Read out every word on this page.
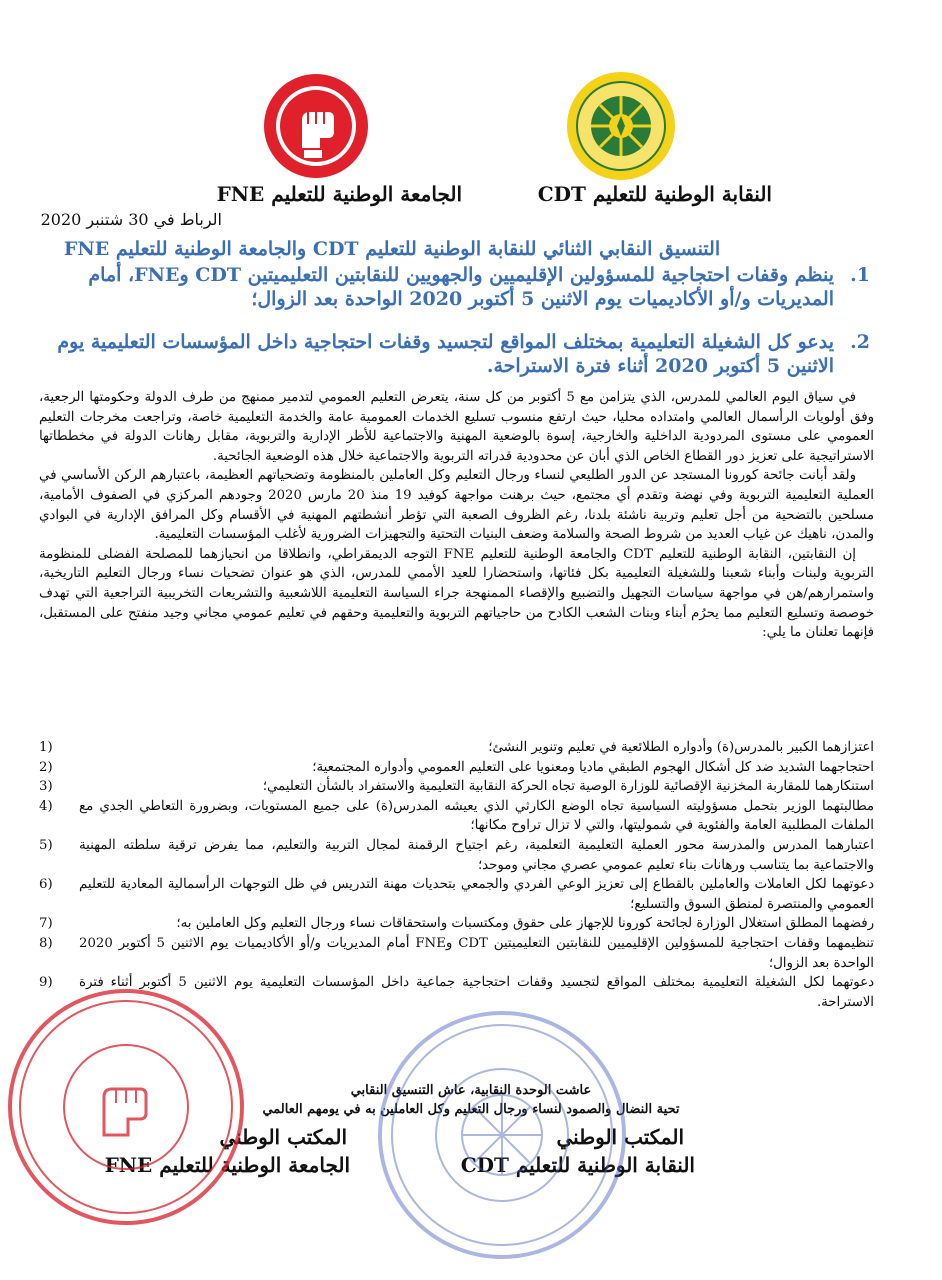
النقابة الوطنية للتعليم CDT
الجامعة الوطنية للتعليم FNE
الرباط في 30 شتنبر 2020
التنسيق النقابي الثنائي للنقابة الوطنية للتعليم CDT والجامعة الوطنية للتعليم FNE
1.
ينظم وقفات احتجاجية للمسؤولين الإقليميين والجهويين للنقابتين التعليميتين CDT وFNE، أمام المديريات و/أو الأكاديميات يوم الاثنين 5 أكتوبر 2020 الواحدة بعد الزوال؛
2.
يدعو كل الشغيلة التعليمية بمختلف المواقع لتجسيد وقفات احتجاجية داخل المؤسسات التعليمية يوم الاثنين 5 أكتوبر 2020 أثناء فترة الاستراحة.

في سياق اليوم العالمي للمدرس، الذي يتزامن مع 5 أكتوبر من كل سنة، يتعرض التعليم العمومي لتدمير ممنهج من طرف الدولة وحكومتها الرجعية، وفق أولويات الرأسمال العالمي وامتداده محليا، حيث ارتفع منسوب تسليع الخدمات العمومية عامة والخدمة التعليمية خاصة، وتراجعت مخرجات التعليم العمومي على مستوى المردودية الداخلية والخارجية، إسوة بالوضعية المهنية والاجتماعية للأطر الإدارية والتربوية، مقابل رهانات الدولة في مخططاتها الاستراتيجية على تعزيز دور القطاع الخاص الذي أبان عن محدودية قدراته التربوية والاجتماعية خلال هذه الوضعية الجائحية.

ولقد أبانت جائحة كورونا المستجد عن الدور الطليعي لنساء ورجال التعليم وكل العاملين بالمنظومة وتضحياتهم العظيمة، باعتبارهم الركن الأساسي في العملية التعليمية التربوية وفي نهضة وتقدم أي مجتمع، حيث برهنت مواجهة كوفيد 19 منذ 20 مارس 2020 وجودهم المركزي في الصفوف الأمامية، مسلحين بالتضحية من أجل تعليم وتربية ناشئة بلدنا، رغم الظروف الصعبة التي تؤطر أنشطتهم المهنية في الأقسام وكل المرافق الإدارية في البوادي والمدن، ناهيك عن غياب العديد من شروط الصحة والسلامة وضعف البنيات التحتية والتجهيزات الضرورية لأغلب المؤسسات التعليمية.

إن النقابتين، النقابة الوطنية للتعليم CDT والجامعة الوطنية للتعليم FNE التوجه الديمقراطي، وانطلاقا من انحيازهما للمصلحة الفضلى للمنظومة التربوية ولبنات وأبناء شعبنا وللشغيلة التعليمية بكل فئاتها، واستحضارا للعيد الأممي للمدرس، الذي هو عنوان تضحيات نساء ورجال التعليم التاريخية، واستمرارهم/هن في مواجهة سياسات التجهيل والتضبيع والإقصاء الممنهجة جراء السياسة التعليمية اللاشعبية والتشريعات التخريبية التراجعية التي تهدف خوصصة وتسليع التعليم مما يحرُم أبناء وبنات الشعب الكادح من حاجياتهم التربوية والتعليمية وحقهم في تعليم عمومي مجاني وجيد منفتح على المستقبل، فإنهما تعلنان ما يلي:

اعتزازهما الكبير بالمدرس(ة) وأدواره الطلائعية في تعليم وتنوير النشئ؛
1)
احتجاجهما الشديد ضد كل أشكال الهجوم الطبقي ماديا ومعنويا على التعليم العمومي وأدواره المجتمعية؛
2)
استنكارهما للمقاربة المخزنية الإقصائية للوزارة الوصية تجاه الحركة النقابية التعليمية والاستفراد بالشأن التعليمي؛
3)
مطالبتهما الوزير بتحمل مسؤوليته السياسية تجاه الوضع الكارثي الذي يعيشه المدرس(ة) على جميع المستويات، وبضرورة التعاطي الجدي مع الملفات المطلبية العامة والفئوية في شموليتها، والتي لا تزال تراوح مكانها؛
4)
اعتبارهما المدرس والمدرسة محور العملية التعليمية التعلمية، رغم اجتياح الرقمنة لمجال التربية والتعليم، مما يفرض ترقية سلطته المهنية والاجتماعية بما يتناسب ورهانات بناء تعليم عمومي عصري مجاني وموحد؛
5)
دعوتهما لكل العاملات والعاملين بالقطاع إلى تعزيز الوعي الفردي والجمعي بتحديات مهنة التدريس في ظل التوجهات الرأسمالية المعادية للتعليم العمومي والمنتصرة لمنطق السوق والتسليع؛
6)
رفضهما المطلق استغلال الوزارة لجائحة كورونا للإجهاز على حقوق ومكتسبات واستحقاقات نساء ورجال التعليم وكل العاملين به؛
7)
تنظيمهما وقفات احتجاجية للمسؤولين الإقليميين للنقابتين التعليميتين CDT وFNE أمام المديريات و/أو الأكاديميات يوم الاثنين 5 أكتوبر 2020 الواحدة بعد الزوال؛
8)
دعوتهما لكل الشغيلة التعليمية بمختلف المواقع لتجسيد وقفات احتجاجية جماعية داخل المؤسسات التعليمية يوم الاثنين 5 أكتوبر أثناء فترة الاستراحة.
9)
عاشت الوحدة النقابية، عاش التنسيق النقابي
تحية النضال والصمود لنساء ورجال التعليم وكل العاملين به في يومهم العالمي
المكتب الوطني
المكتب الوطني
النقابة الوطنية للتعليم CDT
الجامعة الوطنية للتعليم FNE
